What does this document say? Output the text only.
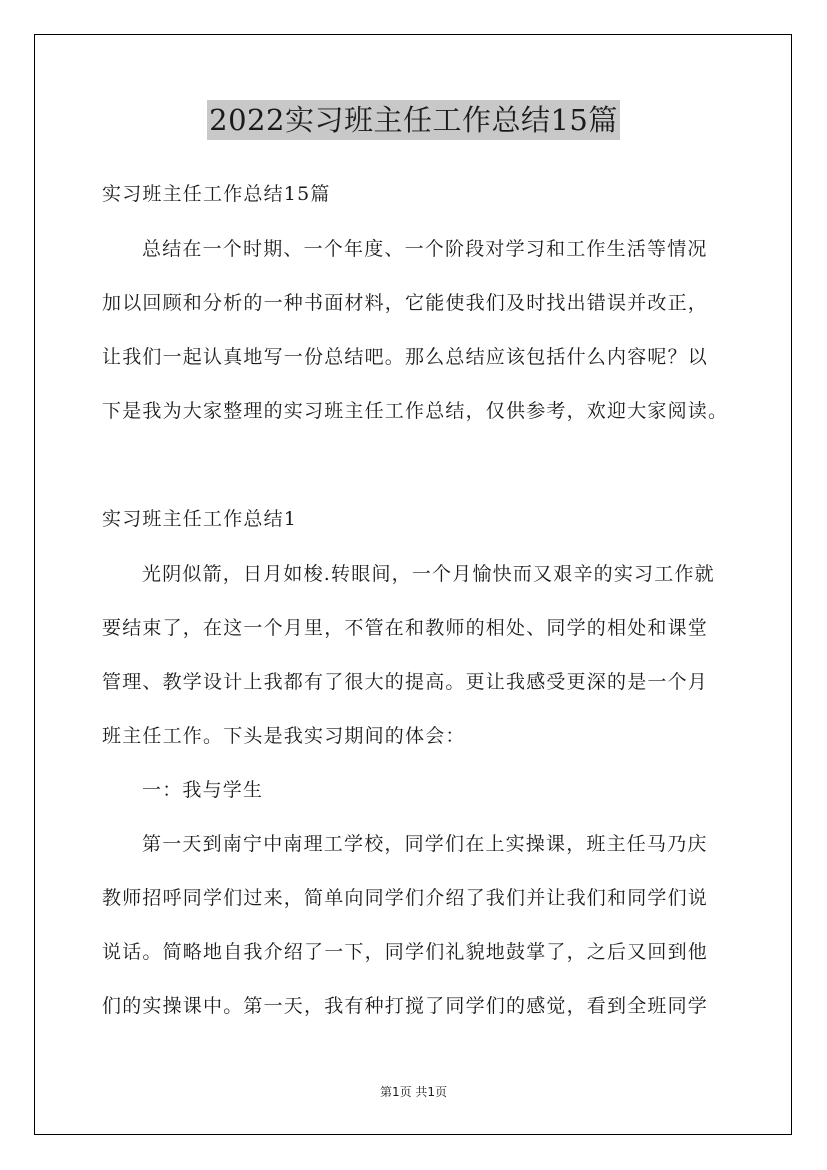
2022实习班主任工作总结15篇
实习班主任工作总结15篇
总结在一个时期、一个年度、一个阶段对学习和工作生活等情况
加以回顾和分析的一种书面材料，它能使我们及时找出错误并改正，
让我们一起认真地写一份总结吧。那么总结应该包括什么内容呢？以
下是我为大家整理的实习班主任工作总结，仅供参考，欢迎大家阅读。
实习班主任工作总结1
光阴似箭，日月如梭.转眼间，一个月愉快而又艰辛的实习工作就
要结束了，在这一个月里，不管在和教师的相处、同学的相处和课堂
管理、教学设计上我都有了很大的提高。更让我感受更深的是一个月
班主任工作。下头是我实习期间的体会：
一：我与学生
第一天到南宁中南理工学校，同学们在上实操课，班主任马乃庆
教师招呼同学们过来，简单向同学们介绍了我们并让我们和同学们说
说话。简略地自我介绍了一下，同学们礼貌地鼓掌了，之后又回到他
们的实操课中。第一天，我有种打搅了同学们的感觉，看到全班同学
第1页 共1页
